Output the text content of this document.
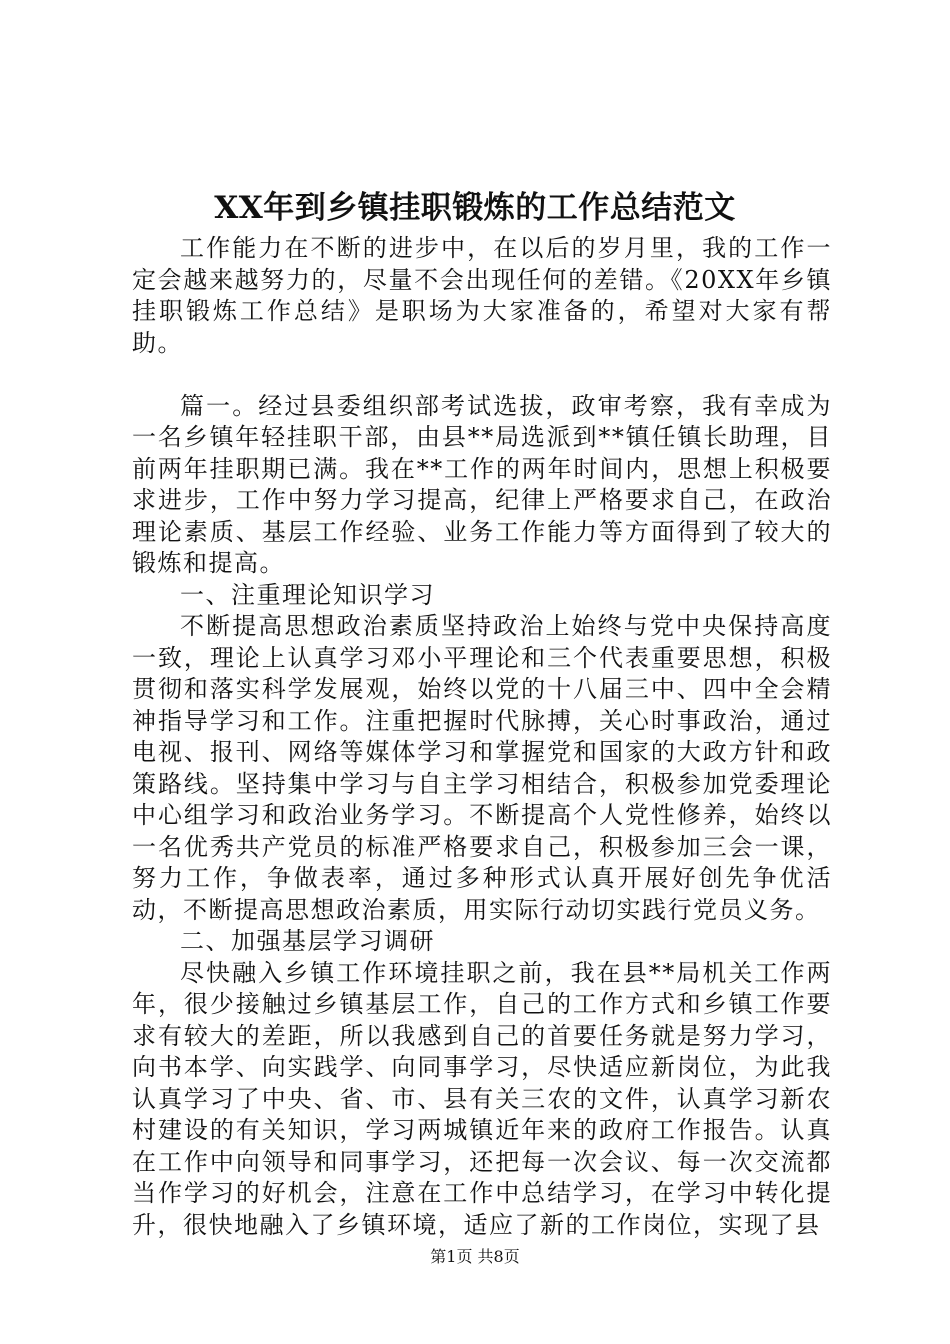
XX年到乡镇挂职锻炼的工作总结范文

工作能力在不断的进步中，在以后的岁月里，我的工作一定会越来越努力的，尽量不会出现任何的差错。《20XX年乡镇挂职锻炼工作总结》是职场为大家准备的，希望对大家有帮助。

篇一。经过县委组织部考试选拔，政审考察，我有幸成为一名乡镇年轻挂职干部，由县**局选派到**镇任镇长助理，目前两年挂职期已满。我在**工作的两年时间内，思想上积极要求进步，工作中努力学习提高，纪律上严格要求自己，在政治理论素质、基层工作经验、业务工作能力等方面得到了较大的锻炼和提高。

一、注重理论知识学习

不断提高思想政治素质坚持政治上始终与党中央保持高度一致，理论上认真学习邓小平理论和三个代表重要思想，积极贯彻和落实科学发展观，始终以党的十八届三中、四中全会精神指导学习和工作。注重把握时代脉搏，关心时事政治，通过电视、报刊、网络等媒体学习和掌握党和国家的大政方针和政策路线。坚持集中学习与自主学习相结合，积极参加党委理论中心组学习和政治业务学习。不断提高个人党性修养，始终以一名优秀共产党员的标准严格要求自己，积极参加三会一课，努力工作，争做表率，通过多种形式认真开展好创先争优活动，不断提高思想政治素质，用实际行动切实践行党员义务。

二、加强基层学习调研

尽快融入乡镇工作环境挂职之前，我在县**局机关工作两年，很少接触过乡镇基层工作，自己的工作方式和乡镇工作要求有较大的差距，所以我感到自己的首要任务就是努力学习，向书本学、向实践学、向同事学习，尽快适应新岗位，为此我认真学习了中央、省、市、县有关三农的文件，认真学习新农村建设的有关知识，学习两城镇近年来的政府工作报告。认真在工作中向领导和同事学习，还把每一次会议、每一次交流都当作学习的好机会，注意在工作中总结学习，在学习中转化提升，很快地融入了乡镇环境，适应了新的工作岗位，实现了县

第1页 共8页
